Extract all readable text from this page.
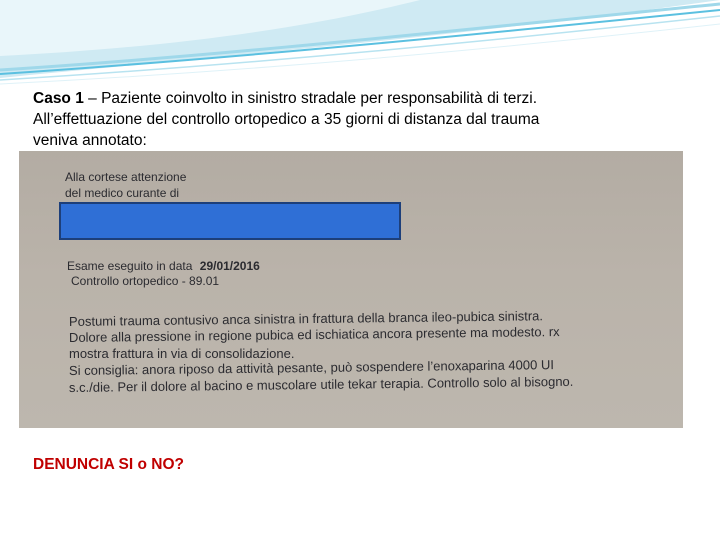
Caso 1 – Paziente coinvolto in sinistro stradale per responsabilità di terzi.
All’effettuazione del controllo ortopedico a 35 giorni di distanza dal trauma
veniva annotato:
Alla cortese attenzione
del medico curante di
Esame eseguito in data 29/01/2016
Controllo ortopedico - 89.01
Postumi trauma contusivo anca sinistra in frattura della branca ileo-pubica sinistra.
Dolore alla pressione in regione pubica ed ischiatica ancora presente ma modesto. rx
mostra frattura in via di consolidazione.
Si consiglia: anora riposo da attività pesante, può sospendere l’enoxaparina 4000 UI
s.c./die. Per il dolore al bacino e muscolare utile tekar terapia. Controllo solo al bisogno.
DENUNCIA SI o NO?
